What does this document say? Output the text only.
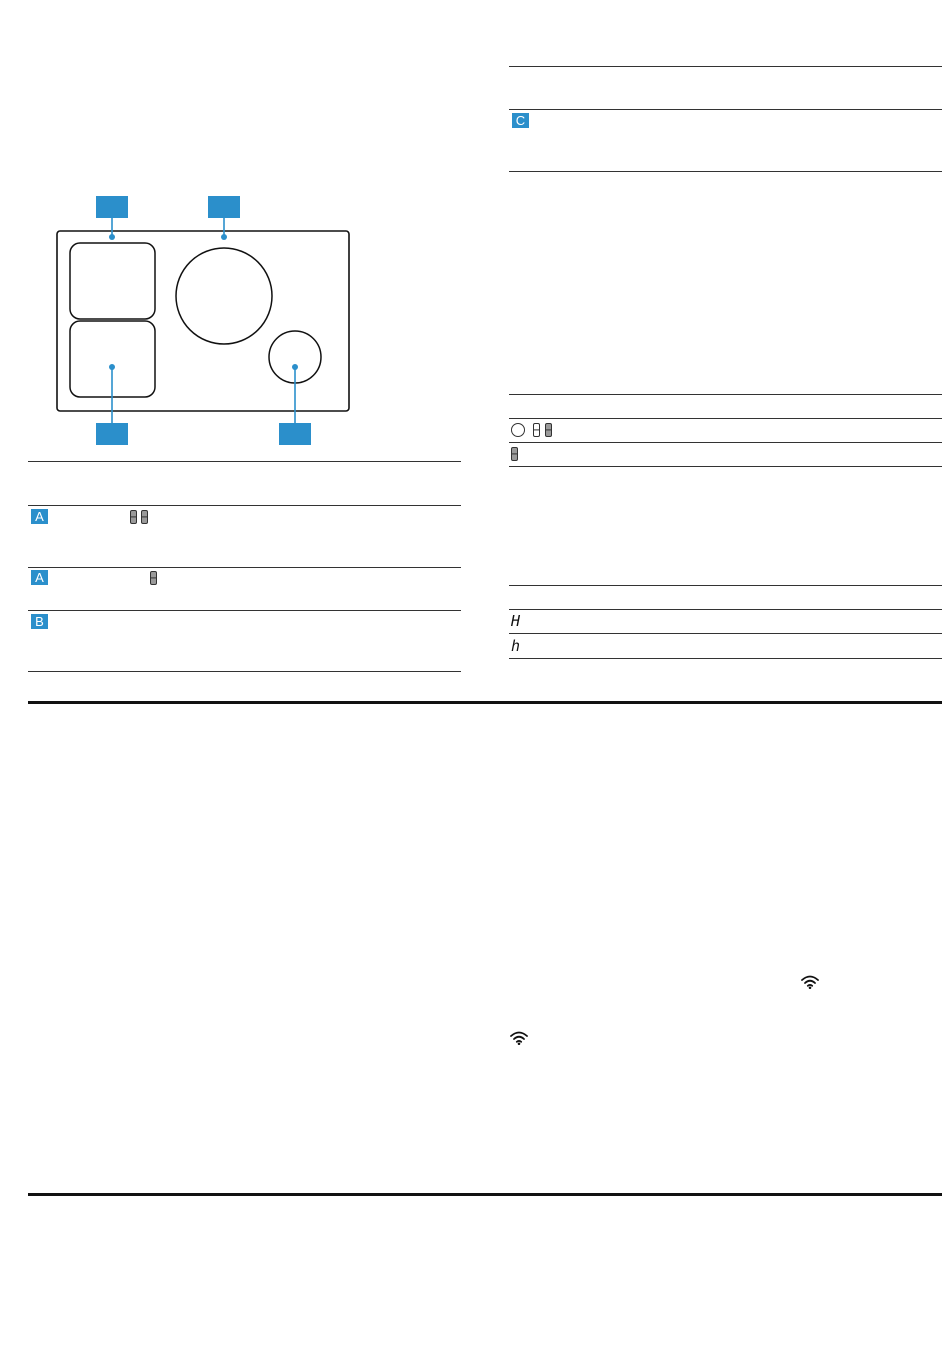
A
A
B
C
H
h
